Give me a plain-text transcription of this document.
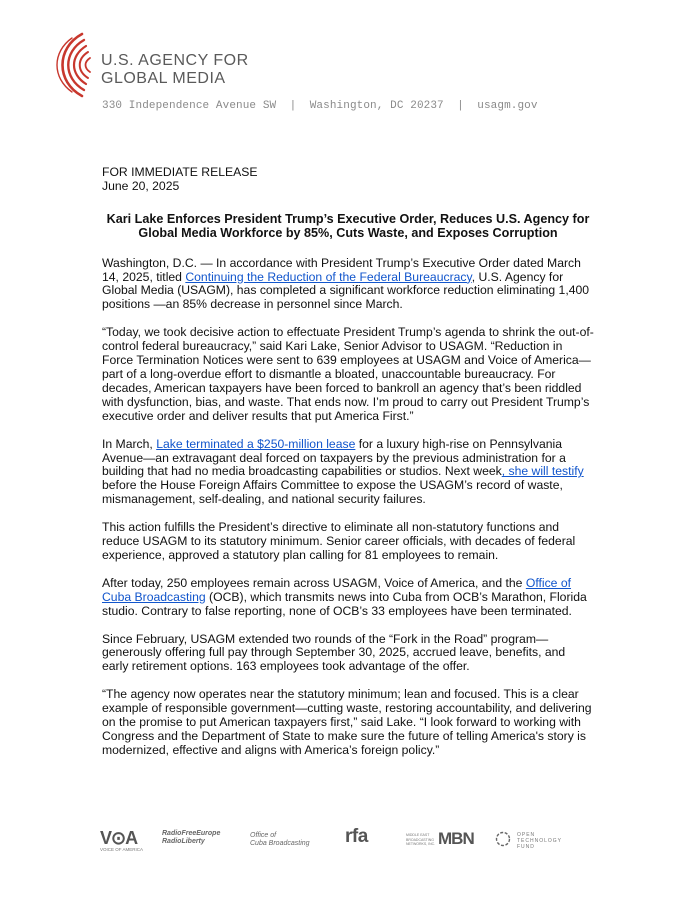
U.S. AGENCY FOR
GLOBAL MEDIA
330 Independence Avenue SW  |  Washington, DC 20237  |  usagm.gov
FOR IMMEDIATE RELEASE
June 20, 2025
Kari Lake Enforces President Trump’s Executive Order, Reduces U.S. Agency for Global Media Workforce by 85%, Cuts Waste, and Exposes Corruption

Washington, D.C. — In accordance with President Trump’s Executive Order dated March 14, 2025, titled Continuing the Reduction of the Federal Bureaucracy, U.S. Agency for Global Media (USAGM), has completed a significant workforce reduction eliminating 1,400 positions —an 85% decrease in personnel since March.

“Today, we took decisive action to effectuate President Trump’s agenda to shrink the out-of-control federal bureaucracy,” said Kari Lake, Senior Advisor to USAGM. “Reduction in Force Termination Notices were sent to 639 employees at USAGM and Voice of America—part of a long-overdue effort to dismantle a bloated, unaccountable bureaucracy. For decades, American taxpayers have been forced to bankroll an agency that’s been riddled with dysfunction, bias, and waste. That ends now. I’m proud to carry out President Trump’s executive order and deliver results that put America First.”

In March, Lake terminated a $250-million lease for a luxury high-rise on Pennsylvania Avenue—an extravagant deal forced on taxpayers by the previous administration for a building that had no media broadcasting capabilities or studios. Next week, she will testify before the House Foreign Affairs Committee to expose the USAGM’s record of waste, mismanagement, self-dealing, and national security failures.

This action fulfills the President’s directive to eliminate all non-statutory functions and reduce USAGM to its statutory minimum. Senior career officials, with decades of federal experience, approved a statutory plan calling for 81 employees to remain.

After today, 250 employees remain across USAGM, Voice of America, and the Office of Cuba Broadcasting (OCB), which transmits news into Cuba from OCB’s Marathon, Florida studio. Contrary to false reporting, none of OCB’s 33 employees have been terminated.

Since February, USAGM extended two rounds of the “Fork in the Road” program—generously offering full pay through September 30, 2025, accrued leave, benefits, and early retirement options. 163 employees took advantage of the offer.

“The agency now operates near the statutory minimum; lean and focused. This is a clear example of responsible government—cutting waste, restoring accountability, and delivering on the promise to put American taxpayers first,” said Lake. “I look forward to working with Congress and the Department of State to make sure the future of telling America's story is modernized, effective and aligns with America’s foreign policy.”

V⊙A
VOICE OF AMERICA
RadioFreeEurope
RadioLiberty
Office of
Cuba Broadcasting rfa	MIDDLE EAST BROADCASTING NETWORKS, INC. MBN	OPEN TECHNOLOGY FUND
